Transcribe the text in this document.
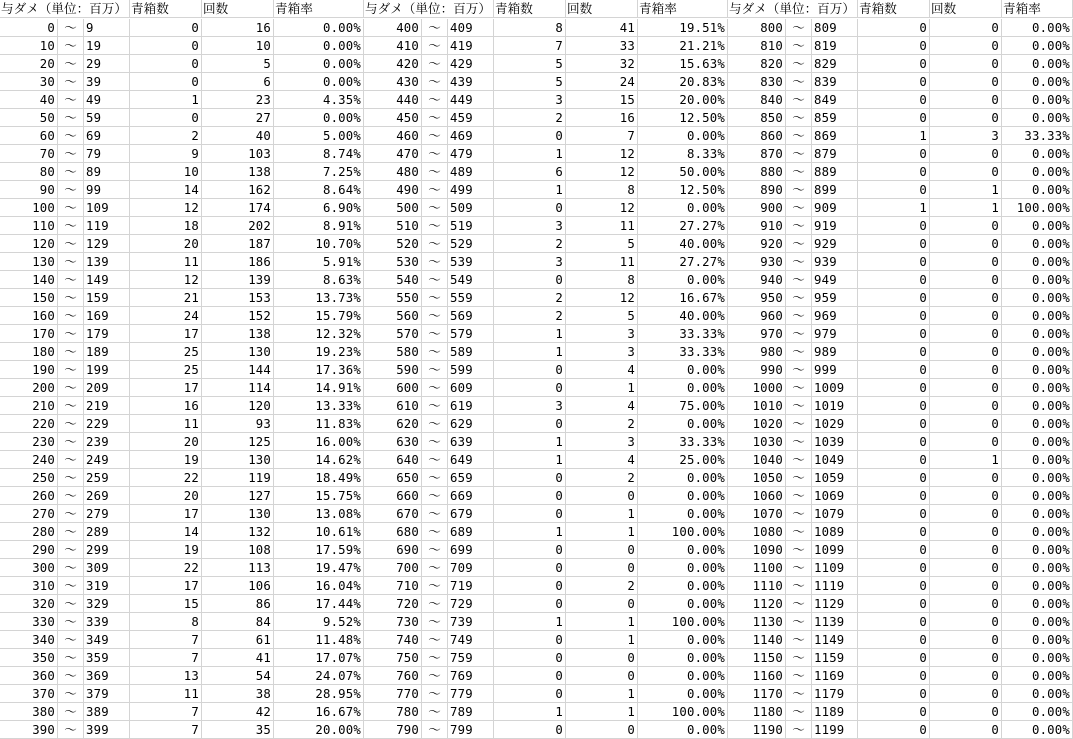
与ダメ（単位：百万） 青箱数	回数	青箱率	与ダメ（単位：百万） 青箱数	回数	青箱率	与ダメ（単位：百万） 青箱数	回数	青箱率
0 ～ 9	0	16	0.00%	400 ～ 409	8	41	19.51%	800 ～ 809	0	0	0.00%
10 ～ 19	0	10	0.00%	410 ～ 419	7	33	21.21%	810 ～ 819	0	0	0.00%
20 ～ 29	0	5	0.00%	420 ～ 429	5	32	15.63%	820 ～ 829	0	0	0.00%
30 ～ 39	0	6	0.00%	430 ～ 439	5	24	20.83%	830 ～ 839	0	0	0.00%
40 ～ 49	1	23	4.35%	440 ～ 449	3	15	20.00%	840 ～ 849	0	0	0.00%
50 ～ 59	0	27	0.00%	450 ～ 459	2	16	12.50%	850 ～ 859	0	0	0.00%
60 ～ 69	2	40	5.00%	460 ～ 469	0	7	0.00%	860 ～ 869	1	3	33.33%
70 ～ 79	9	103	8.74%	470 ～ 479	1	12	8.33%	870 ～ 879	0	0	0.00%
80 ～ 89	10	138	7.25%	480 ～ 489	6	12	50.00%	880 ～ 889	0	0	0.00%
90 ～ 99	14	162	8.64%	490 ～ 499	1	8	12.50%	890 ～ 899	0	1	0.00%
100 ～ 109	12	174	6.90%	500 ～ 509	0	12	0.00%	900 ～ 909	1	1	100.00%
110 ～ 119	18	202	8.91%	510 ～ 519	3	11	27.27%	910 ～ 919	0	0	0.00%
120 ～ 129	20	187	10.70%	520 ～ 529	2	5	40.00%	920 ～ 929	0	0	0.00%
130 ～ 139	11	186	5.91%	530 ～ 539	3	11	27.27%	930 ～ 939	0	0	0.00%
140 ～ 149	12	139	8.63%	540 ～ 549	0	8	0.00%	940 ～ 949	0	0	0.00%
150 ～ 159	21	153	13.73%	550 ～ 559	2	12	16.67%	950 ～ 959	0	0	0.00%
160 ～ 169	24	152	15.79%	560 ～ 569	2	5	40.00%	960 ～ 969	0	0	0.00%
170 ～ 179	17	138	12.32%	570 ～ 579	1	3	33.33%	970 ～ 979	0	0	0.00%
180 ～ 189	25	130	19.23%	580 ～ 589	1	3	33.33%	980 ～ 989	0	0	0.00%
190 ～ 199	25	144	17.36%	590 ～ 599	0	4	0.00%	990 ～ 999	0	0	0.00%
200 ～ 209	17	114	14.91%	600 ～ 609	0	1	0.00%	1000 ～ 1009	0	0	0.00%
210 ～ 219	16	120	13.33%	610 ～ 619	3	4	75.00%	1010 ～ 1019	0	0	0.00%
220 ～ 229	11	93	11.83%	620 ～ 629	0	2	0.00%	1020 ～ 1029	0	0	0.00%
230 ～ 239	20	125	16.00%	630 ～ 639	1	3	33.33%	1030 ～ 1039	0	0	0.00%
240 ～ 249	19	130	14.62%	640 ～ 649	1	4	25.00%	1040 ～ 1049	0	1	0.00%
250 ～ 259	22	119	18.49%	650 ～ 659	0	2	0.00%	1050 ～ 1059	0	0	0.00%
260 ～ 269	20	127	15.75%	660 ～ 669	0	0	0.00%	1060 ～ 1069	0	0	0.00%
270 ～ 279	17	130	13.08%	670 ～ 679	0	1	0.00%	1070 ～ 1079	0	0	0.00%
280 ～ 289	14	132	10.61%	680 ～ 689	1	1	100.00%	1080 ～ 1089	0	0	0.00%
290 ～ 299	19	108	17.59%	690 ～ 699	0	0	0.00%	1090 ～ 1099	0	0	0.00%
300 ～ 309	22	113	19.47%	700 ～ 709	0	0	0.00%	1100 ～ 1109	0	0	0.00%
310 ～ 319	17	106	16.04%	710 ～ 719	0	2	0.00%	1110 ～ 1119	0	0	0.00%
320 ～ 329	15	86	17.44%	720 ～ 729	0	0	0.00%	1120 ～ 1129	0	0	0.00%
330 ～ 339	8	84	9.52%	730 ～ 739	1	1	100.00%	1130 ～ 1139	0	0	0.00%
340 ～ 349	7	61	11.48%	740 ～ 749	0	1	0.00%	1140 ～ 1149	0	0	0.00%
350 ～ 359	7	41	17.07%	750 ～ 759	0	0	0.00%	1150 ～ 1159	0	0	0.00%
360 ～ 369	13	54	24.07%	760 ～ 769	0	0	0.00%	1160 ～ 1169	0	0	0.00%
370 ～ 379	11	38	28.95%	770 ～ 779	0	1	0.00%	1170 ～ 1179	0	0	0.00%
380 ～ 389	7	42	16.67%	780 ～ 789	1	1	100.00%	1180 ～ 1189	0	0	0.00%
390 ～ 399	7	35	20.00%	790 ～ 799	0	0	0.00%	1190 ～ 1199	0	0	0.00%
